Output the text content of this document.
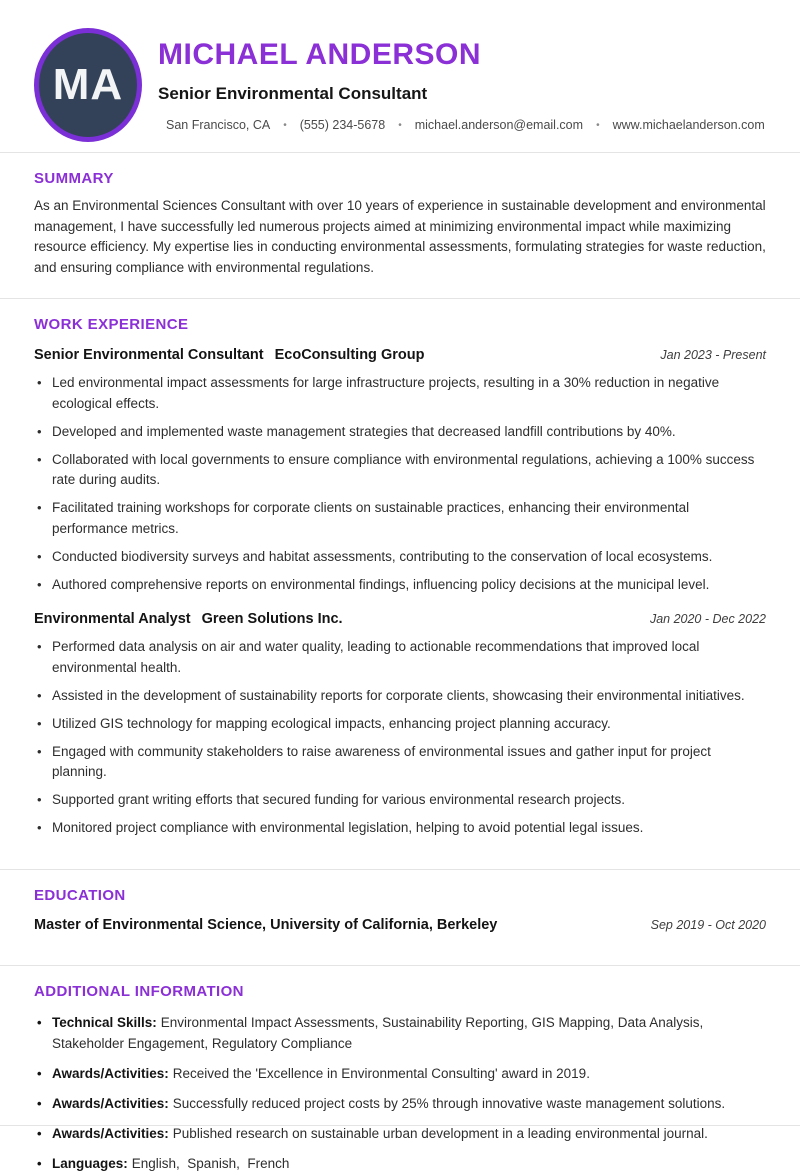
MA
MICHAEL ANDERSON
Senior Environmental Consultant
San Francisco, CA • (555) 234-5678 • michael.anderson@email.com • www.michaelanderson.com
SUMMARY

As an Environmental Sciences Consultant with over 10 years of experience in sustainable development and environmental management, I have successfully led numerous projects aimed at minimizing environmental impact while maximizing resource efficiency. My expertise lies in conducting environmental assessments, formulating strategies for waste reduction, and ensuring compliance with environmental regulations.

WORK EXPERIENCE
Senior Environmental Consultant EcoConsulting Group	Jan 2023 - Present
• Led environmental impact assessments for large infrastructure projects, resulting in a 30% reduction in negative ecological effects.
• Developed and implemented waste management strategies that decreased landfill contributions by 40%.
• Collaborated with local governments to ensure compliance with environmental regulations, achieving a 100% success rate during audits.
• Facilitated training workshops for corporate clients on sustainable practices, enhancing their environmental performance metrics.
• Conducted biodiversity surveys and habitat assessments, contributing to the conservation of local ecosystems.
• Authored comprehensive reports on environmental findings, influencing policy decisions at the municipal level.
Environmental Analyst Green Solutions Inc.	Jan 2020 - Dec 2022
• Performed data analysis on air and water quality, leading to actionable recommendations that improved local environmental health.
• Assisted in the development of sustainability reports for corporate clients, showcasing their environmental initiatives.
• Utilized GIS technology for mapping ecological impacts, enhancing project planning accuracy.
• Engaged with community stakeholders to raise awareness of environmental issues and gather input for project planning.
• Supported grant writing efforts that secured funding for various environmental research projects.
• Monitored project compliance with environmental legislation, helping to avoid potential legal issues.
EDUCATION
Master of Environmental Science, University of California, Berkeley	Sep 2019 - Oct 2020
ADDITIONAL INFORMATION
• Technical Skills: Environmental Impact Assessments, Sustainability Reporting, GIS Mapping, Data Analysis, Stakeholder Engagement, Regulatory Compliance
• Awards/Activities: Received the 'Excellence in Environmental Consulting' award in 2019.
• Awards/Activities: Successfully reduced project costs by 25% through innovative waste management solutions.
• Awards/Activities: Published research on sustainable urban development in a leading environmental journal.
• Languages: English,  Spanish,  French
